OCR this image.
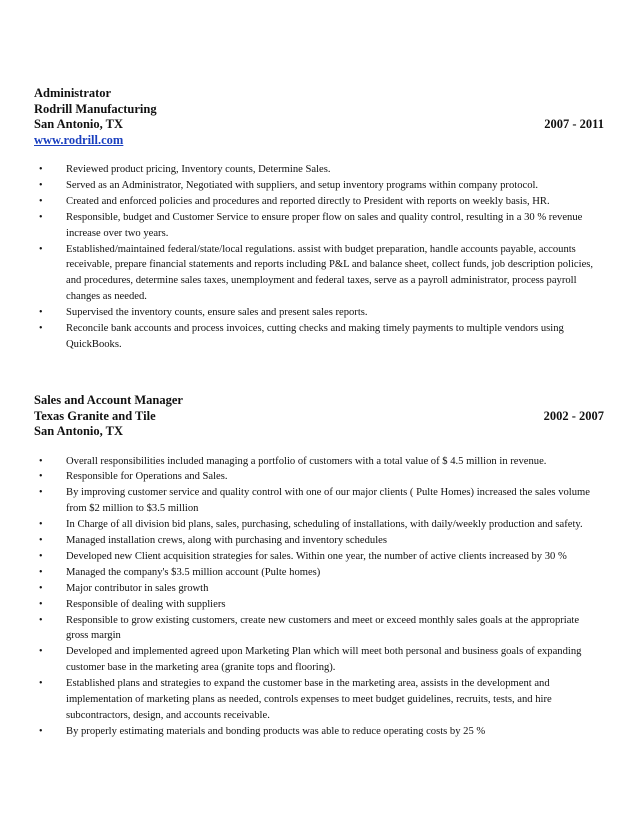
Administrator
Rodrill Manufacturing
San Antonio, TX	2007 - 2011
www.rodrill.com
• Reviewed product pricing, Inventory counts, Determine Sales.
• Served as an Administrator, Negotiated with suppliers, and setup inventory programs within company protocol.
• Created and enforced policies and procedures and reported directly to President with reports on weekly basis, HR.
• Responsible, budget and Customer Service to ensure proper flow on sales and quality control, resulting in a 30 % revenue increase over two years.
• Established/maintained federal/state/local regulations. assist with budget preparation, handle accounts payable, accounts receivable, prepare financial statements and reports including P&L and balance sheet, collect funds, job description policies, and procedures, determine sales taxes, unemployment and federal taxes, serve as a payroll administrator, process payroll changes as needed.
• Supervised the inventory counts, ensure sales and present sales reports.
• Reconcile bank accounts and process invoices, cutting checks and making timely payments to multiple vendors using QuickBooks.
Sales and Account Manager
Texas Granite and Tile	2002 - 2007
San Antonio, TX
• Overall responsibilities included managing a portfolio of customers with a total value of $ 4.5 million in revenue.
• Responsible for Operations and Sales.
• By improving customer service and quality control with one of our major clients ( Pulte Homes) increased the sales volume from $2 million to $3.5 million
• In Charge of all division bid plans, sales, purchasing, scheduling of installations, with daily/weekly production and safety.
• Managed installation crews, along with purchasing and inventory schedules
• Developed new Client acquisition strategies for sales. Within one year, the number of active clients increased by 30 %
• Managed the company's $3.5 million account (Pulte homes)
• Major contributor in sales growth
• Responsible of dealing with suppliers
• Responsible to grow existing customers, create new customers and meet or exceed monthly sales goals at the appropriate gross margin
• Developed and implemented agreed upon Marketing Plan which will meet both personal and business goals of expanding customer base in the marketing area (granite tops and flooring).
• Established plans and strategies to expand the customer base in the marketing area, assists in the development and implementation of marketing plans as needed, controls expenses to meet budget guidelines, recruits, tests, and hire subcontractors, design, and accounts receivable.
• By properly estimating materials and bonding products was able to reduce operating costs by 25 %
